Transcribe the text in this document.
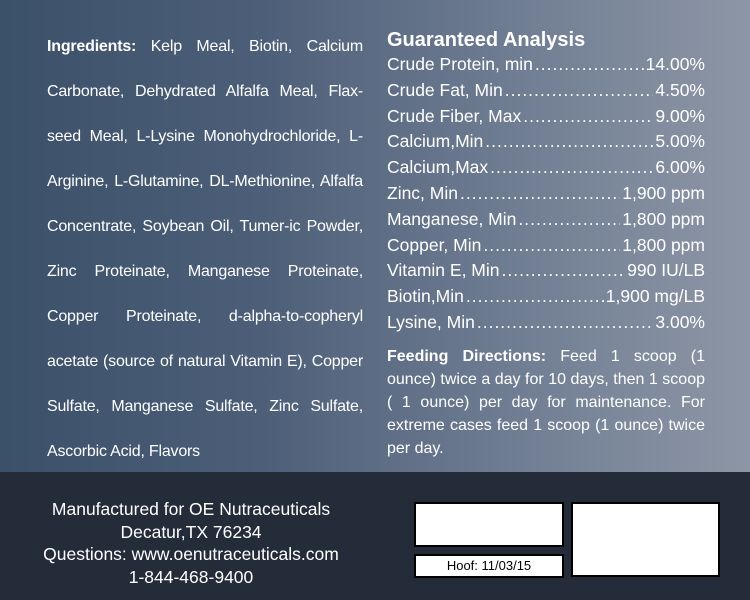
Ingredients: Kelp Meal, Biotin, Calcium Carbonate, Dehydrated Alfalfa Meal, Flax-seed Meal, L-Lysine Monohydrochloride, L-Arginine, L-Glutamine, DL-Methionine, Alfalfa Concentrate, Soybean Oil, Tumer-ic Powder, Zinc Proteinate, Manganese Proteinate, Copper Proteinate, d-alpha-to-copheryl acetate (source of natural Vitamin E), Copper Sulfate, Manganese Sulfate, Zinc Sulfate, Ascorbic Acid, Flavors
Guaranteed Analysis
Crude Protein, min .....	14.00%
Crude Fat, Min .....	4.50%
Crude Fiber, Max .....	9.00%
Calcium,Min .....	5.00%
Calcium,Max .....	6.00%
Zinc, Min .....	1,900 ppm
Manganese, Min .....	1,800 ppm
Copper, Min .....	1,800 ppm
Vitamin E, Min .....	990 IU/LB
Biotin,Min .....	1,900 mg/LB
Lysine, Min .....	3.00%
Feeding Directions: Feed 1 scoop (1 ounce) twice a day for 10 days, then 1 scoop ( 1 ounce) per day for maintenance. For extreme cases feed 1 scoop (1 ounce) twice per day.
Manufactured for OE Nutraceuticals
Decatur,TX 76234
Questions: www.oenutraceuticals.com
1-844-468-9400
Hoof: 11/03/15
